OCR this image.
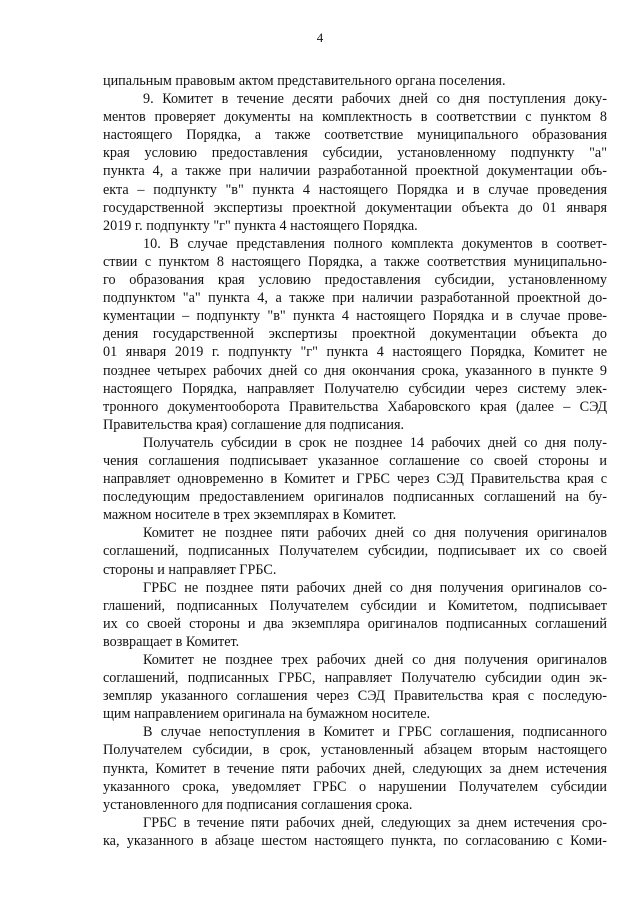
4
ципальным правовым актом представительного органа поселения.
9. Комитет в течение десяти рабочих дней со дня поступления доку-
ментов проверяет документы на комплектность в соответствии с пунктом 8
настоящего Порядка, а также соответствие муниципального образования
края условию предоставления субсидии, установленному подпункту "а"
пункта 4, а также при наличии разработанной проектной документации объ-
екта – подпункту "в" пункта 4 настоящего Порядка и в случае проведения
государственной экспертизы проектной документации объекта до 01 января
2019 г. подпункту "г" пункта 4 настоящего Порядка.
10. В случае представления полного комплекта документов в соответ-
ствии с пунктом 8 настоящего Порядка, а также соответствия муниципально-
го образования края условию предоставления субсидии, установленному
подпунктом "а" пункта 4, а также при наличии разработанной проектной до-
кументации – подпункту "в" пункта 4 настоящего Порядка и в случае прове-
дения государственной экспертизы проектной документации объекта до
01 января 2019 г. подпункту "г" пункта 4 настоящего Порядка, Комитет не
позднее четырех рабочих дней со дня окончания срока, указанного в пункте 9
настоящего Порядка, направляет Получателю субсидии через систему элек-
тронного документооборота Правительства Хабаровского края (далее – СЭД
Правительства края) соглашение для подписания.
Получатель субсидии в срок не позднее 14 рабочих дней со дня полу-
чения соглашения подписывает указанное соглашение со своей стороны и
направляет одновременно в Комитет и ГРБС через СЭД Правительства края с
последующим предоставлением оригиналов подписанных соглашений на бу-
мажном носителе в трех экземплярах в Комитет.
Комитет не позднее пяти рабочих дней со дня получения оригиналов
соглашений, подписанных Получателем субсидии, подписывает их со своей
стороны и направляет ГРБС.
ГРБС не позднее пяти рабочих дней со дня получения оригиналов со-
глашений, подписанных Получателем субсидии и Комитетом, подписывает
их со своей стороны и два экземпляра оригиналов подписанных соглашений
возвращает в Комитет.
Комитет не позднее трех рабочих дней со дня получения оригиналов
соглашений, подписанных ГРБС, направляет Получателю субсидии один эк-
земпляр указанного соглашения через СЭД Правительства края с последую-
щим направлением оригинала на бумажном носителе.
В случае непоступления в Комитет и ГРБС соглашения, подписанного
Получателем субсидии, в срок, установленный абзацем вторым настоящего
пункта, Комитет в течение пяти рабочих дней, следующих за днем истечения
указанного срока, уведомляет ГРБС о нарушении Получателем субсидии
установленного для подписания соглашения срока.
ГРБС в течение пяти рабочих дней, следующих за днем истечения сро-
ка, указанного в абзаце шестом настоящего пункта, по согласованию с Коми-
